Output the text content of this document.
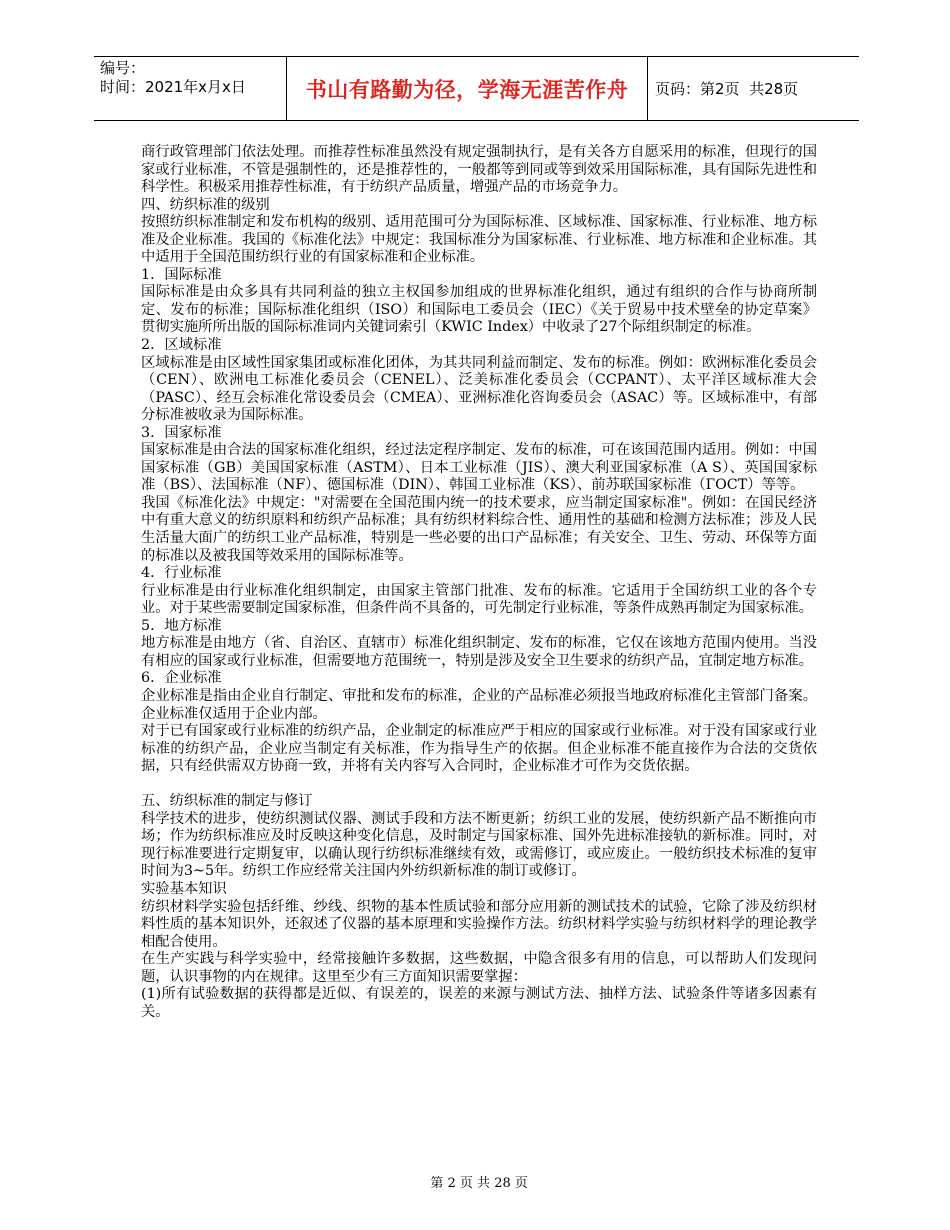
编号：
时间：2021年x月x日	书山有路勤为径，学海无涯苦作舟	页码：第2页  共28页

商行政管理部门依法处理。而推荐性标准虽然没有规定强制执行，是有关各方自愿采用的标准，但现行的国家或行业标准，不管是强制性的，还是推荐性的，一般都等到同或等到效采用国际标准，具有国际先进性和科学性。积极采用推荐性标准，有于纺织产品质量，增强产品的市场竞争力。

四、纺织标准的级别

按照纺织标准制定和发布机构的级别、适用范围可分为国际标准、区域标准、国家标准、行业标准、地方标准及企业标准。我国的《标准化法》中规定：我国标准分为国家标准、行业标准、地方标准和企业标准。其中适用于全国范围纺织行业的有国家标准和企业标准。

1．国际标准

国际标准是由众多具有共同利益的独立主权国参加组成的世界标准化组织，通过有组织的合作与协商所制定、发布的标准；国际标准化组织（ISO）和国际电工委员会（IEC）《关于贸易中技术壁垒的协定草案》贯彻实施所所出版的国际标准词内关键词索引（KWIC Index）中收录了27个际组织制定的标准。

2．区域标准

区域标准是由区域性国家集团或标准化团体，为其共同利益而制定、发布的标准。例如：欧洲标准化委员会（CEN）、欧洲电工标准化委员会（CENEL）、泛美标准化委员会（CCPANT）、太平洋区域标准大会（PASC）、经互会标准化常设委员会（CMEA）、亚洲标准化咨询委员会（ASAC）等。区域标准中，有部分标准被收录为国际标准。

3．国家标准

国家标准是由合法的国家标准化组织，经过法定程序制定、发布的标准，可在该国范围内适用。例如：中国国家标准（GB）美国国家标准（ASTM）、日本工业标准（JIS）、澳大利亚国家标准（A S）、英国国家标准（BS）、法国标准（NF）、德国标准（DIN）、韩国工业标准（KS）、前苏联国家标准（ГОСТ）等等。

我国《标准化法》中规定："对需要在全国范围内统一的技术要求，应当制定国家标准"。例如：在国民经济中有重大意义的纺织原料和纺织产品标准；具有纺织材料综合性、通用性的基础和检测方法标准；涉及人民生活量大面广的纺织工业产品标准，特别是一些必要的出口产品标准；有关安全、卫生、劳动、环保等方面的标准以及被我国等效采用的国际标准等。

4．行业标准

行业标准是由行业标准化组织制定，由国家主管部门批准、发布的标准。它适用于全国纺织工业的各个专业。对于某些需要制定国家标准，但条件尚不具备的，可先制定行业标准，等条件成熟再制定为国家标准。

5．地方标准

地方标准是由地方（省、自治区、直辖市）标准化组织制定、发布的标准，它仅在该地方范围内使用。当没有相应的国家或行业标准，但需要地方范围统一，特别是涉及安全卫生要求的纺织产品，宜制定地方标准。

6．企业标准

企业标准是指由企业自行制定、审批和发布的标准，企业的产品标准必须报当地政府标准化主管部门备案。企业标准仅适用于企业内部。

对于已有国家或行业标准的纺织产品，企业制定的标准应严于相应的国家或行业标准。对于没有国家或行业标准的纺织产品，企业应当制定有关标准，作为指导生产的依据。但企业标准不能直接作为合法的交货依据，只有经供需双方协商一致，并将有关内容写入合同时，企业标准才可作为交货依据。

五、纺织标准的制定与修订

科学技术的进步，使纺织测试仪器、测试手段和方法不断更新；纺织工业的发展，使纺织新产品不断推向市场；作为纺织标准应及时反映这种变化信息，及时制定与国家标准、国外先进标准接轨的新标准。同时，对现行标准要进行定期复审，以确认现行纺织标准继续有效，或需修订，或应废止。一般纺织技术标准的复审时间为3~5年。纺织工作应经常关注国内外纺织新标准的制订或修订。

实验基本知识

纺织材料学实验包括纤维、纱线、织物的基本性质试验和部分应用新的测试技术的试验，它除了涉及纺织材料性质的基本知识外，还叙述了仪器的基本原理和实验操作方法。纺织材料学实验与纺织材料学的理论教学相配合使用。

在生产实践与科学实验中，经常接触许多数据，这些数据，中隐含很多有用的信息，可以帮助人们发现问题，认识事物的内在规律。这里至少有三方面知识需要掌握：

(1)所有试验数据的获得都是近似、有误差的，误差的来源与测试方法、抽样方法、试验条件等诸多因素有关。

第 2 页 共 28 页
